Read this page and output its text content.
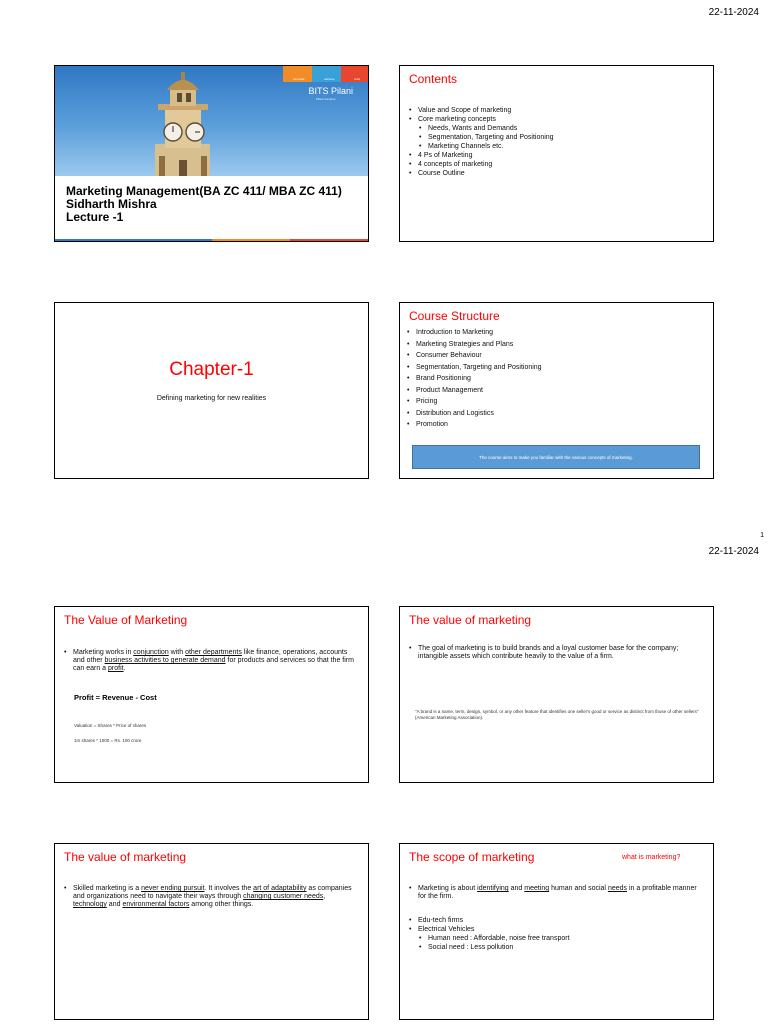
22-11-2024
1
22-11-2024
Innovate	achieve	lead
BITS Pilani
Pilani Campus
Marketing Management(BA ZC 411/ MBA ZC 411)
Sidharth Mishra
Lecture -1
Contents
• Value and Scope of marketing
• Core marketing concepts
• Needs, Wants and Demands
• Segmentation, Targeting and Positioning
• Marketing Channels etc.
• 4 Ps of Marketing
• 4 concepts of marketing
• Course Outline
Chapter-1
Defining marketing for new realities
Course Structure
• Introduction to Marketing
• Marketing Strategies and Plans
• Consumer Behaviour
• Segmentation, Targeting and Positioning
• Brand Positioning
• Product Management
• Pricing
• Distribution and Logistics
• Promotion
The course aims to make you familiar with the various concepts of marketing.
The Value of Marketing
• Marketing works in conjunction with other departments like finance, operations, accounts and other business activities to generate demand for products and services so that the firm can earn a profit.
Profit = Revenue - Cost
Valuation = Shares * Price of shares
1m shares * 1000 = Rs. 100 crore
The value of marketing
• The goal of marketing is to build brands and a loyal customer base for the company; intangible assets which contribute heavily to the value of a firm.
"A brand is a name, term, design, symbol, or any other feature that identifies one seller's good or service as distinct from those of other sellers" (American Marketing Association).
The value of marketing
• Skilled marketing is a never ending pursuit. It involves the art of adaptability as companies and organizations need to navigate their ways through changing customer needs, technology and environmental factors among other things.
The scope of marketing	what is marketing?
• Marketing is about identifying and meeting human and social needs in a profitable manner for the firm.
• Edu-tech firms
• Electrical Vehicles
• Human need : Affordable, noise free transport
• Social need : Less pollution
